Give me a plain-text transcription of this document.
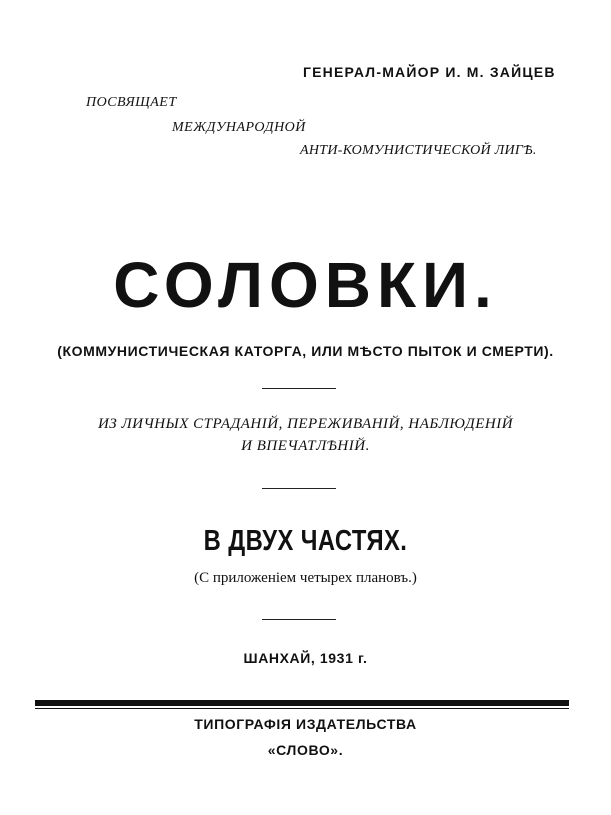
ГЕНЕРАЛ-МАЙОР И. М. ЗАЙЦЕВ
ПОСВЯЩАЕТ
МЕЖДУНАРОДНОЙ
АНТИ-КОМУНИСТИЧЕСКОЙ ЛИГѢ.
СОЛОВКИ.
(КОММУНИСТИЧЕСКАЯ КАТОРГА, ИЛИ МѢСТО ПЫТОК И СМЕРТИ).
ИЗ ЛИЧНЫХ СТРАДАНІЙ, ПЕРЕЖИВАНІЙ, НАБЛЮДЕНІЙ
И ВПЕЧАТЛѢНІЙ.
В ДВУХ ЧАСТЯХ.
(С приложеніем четырех плановъ.)
ШАНХАЙ, 1931 г.
ТИПОГРАФІЯ ИЗДАТЕЛЬСТВА
«СЛОВО».
